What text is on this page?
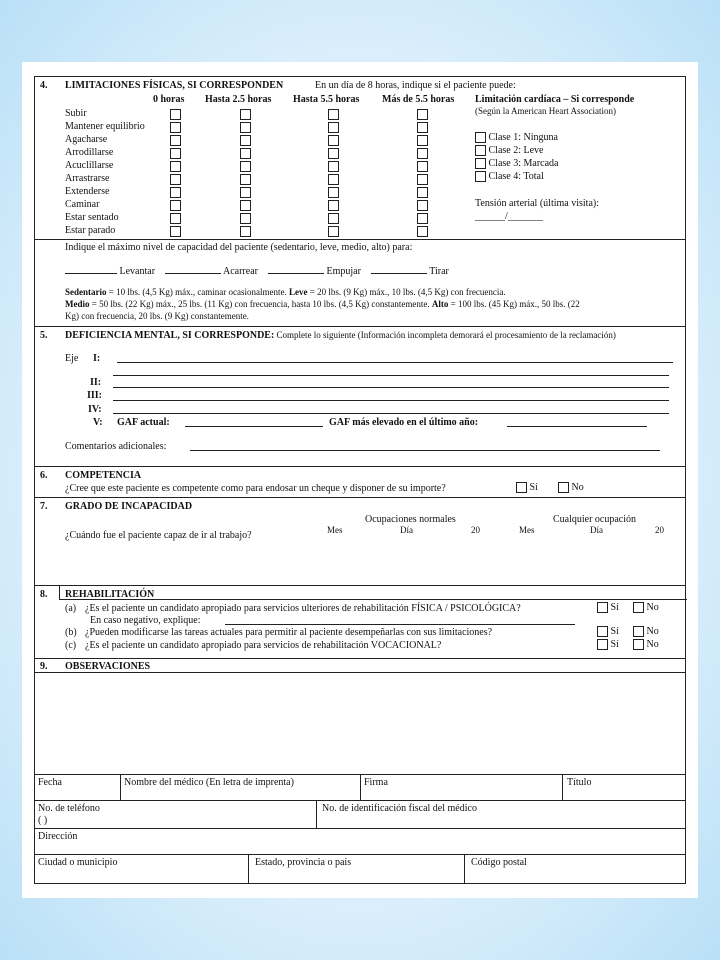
4. LIMITACIONES FÍSICAS, SI CORRESPONDEN	En un día de 8 horas, indique si el paciente puede:
0 horas Hasta 2.5 horas Hasta 5.5 horas Más de 5.5 horas
Subir
Mantener equilibrio
Agacharse
Arrodillarse
Acuclillarse
Arrastrarse
Extenderse
Caminar
Estar sentado
Estar parado
Limitación cardíaca – Si corresponde
(Según la American Heart Association)
Clase 1: Ninguna
Clase 2: Leve
Clase 3: Marcada
Clase 4: Total
Tensión arterial (última visita):
______/_______
Indique el máximo nivel de capacidad del paciente (sedentario, leve, medio, alto) para:
Levantar	Acarrear	Empujar	Tirar
Sedentario = 10 lbs. (4,5 Kg) máx., caminar ocasionalmente. Leve = 20 lbs. (9 Kg) máx., 10 lbs. (4,5 Kg) con frecuencia.
Medio = 50 lbs. (22 Kg) máx., 25 lbs. (11 Kg) con frecuencia, hasta 10 lbs. (4,5 Kg) constantemente. Alto = 100 lbs. (45 Kg) máx., 50 lbs. (22
Kg) con frecuencia, 20 lbs. (9 Kg) constantemente.
5. DEFICIENCIA MENTAL, SI CORRESPONDE: Complete lo siguiente (Información incompleta demorará el procesamiento de la reclamación)
Eje I:
II:
III:
IV:
V: GAF actual:	GAF más elevado en el último año:
Comentarios adicionales:
6. COMPETENCIA
¿Cree que este paciente es competente como para endosar un cheque y disponer de su importe?	Sí	No
7. GRADO DE INCAPACIDAD
Ocupaciones normales	Cualquier ocupación
Mes	Día	20	Mes	Día	20
¿Cuándo fue el paciente capaz de ir al trabajo?
8. REHABILITACIÓN
(a) ¿Es el paciente un candidato apropiado para servicios ulteriores de rehabilitación FÍSICA / PSICOLÓGICA?	Sí	No
En caso negativo, explique:
(b) ¿Pueden modificarse las tareas actuales para permitir al paciente desempeñarlas con sus limitaciones?	Sí	No
(c) ¿Es el paciente un candidato apropiado para servicios de rehabilitación VOCACIONAL?	Sí	No
9. OBSERVACIONES
Fecha	Nombre del médico (En letra de imprenta)	Firma	Título
No. de teléfono
( )
No. de identificación fiscal del médico
Dirección
Ciudad o municipio	Estado, provincia o país	Código postal
